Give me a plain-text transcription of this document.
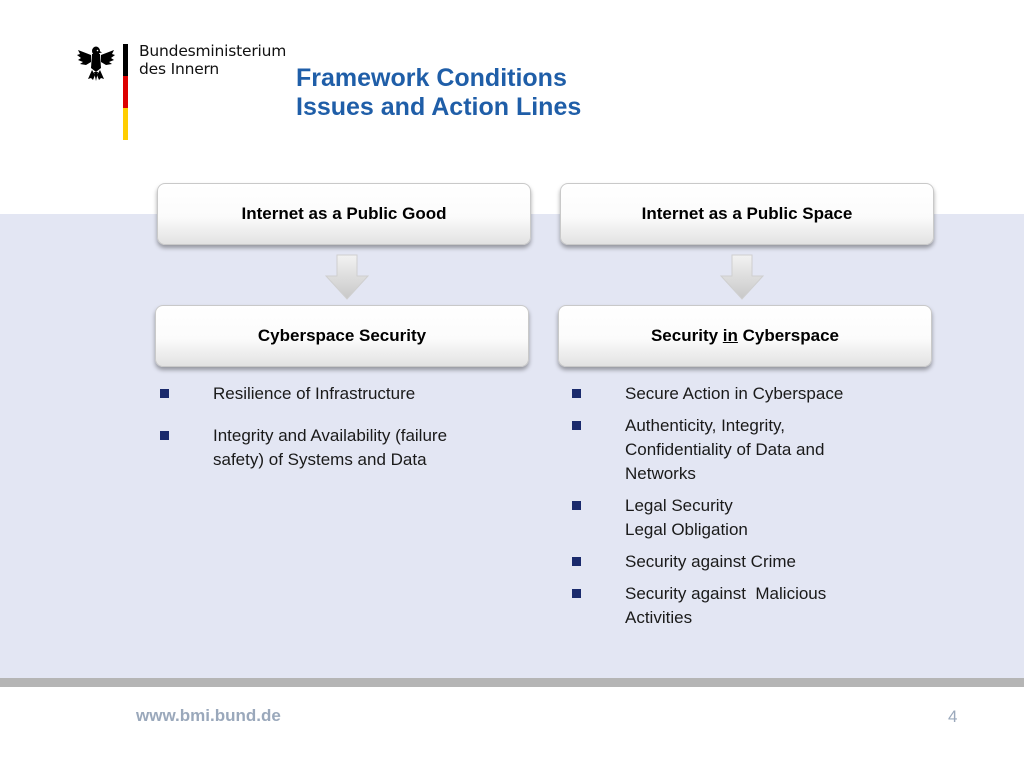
Bundesministerium
des Innern	Framework Conditions
Issues and Action Lines
Internet as a Public Good	Internet as a Public Space
Cyberspace Security	Security in Cyberspace
Resilience of Infrastructure
Integrity and Availability (failure
safety) of Systems and Data
Secure Action in Cyberspace
Authenticity, Integrity,
Confidentiality of Data and
Networks
Legal Security
Legal Obligation
Security against Crime
Security against  Malicious
Activities
www.bmi.bund.de	4
